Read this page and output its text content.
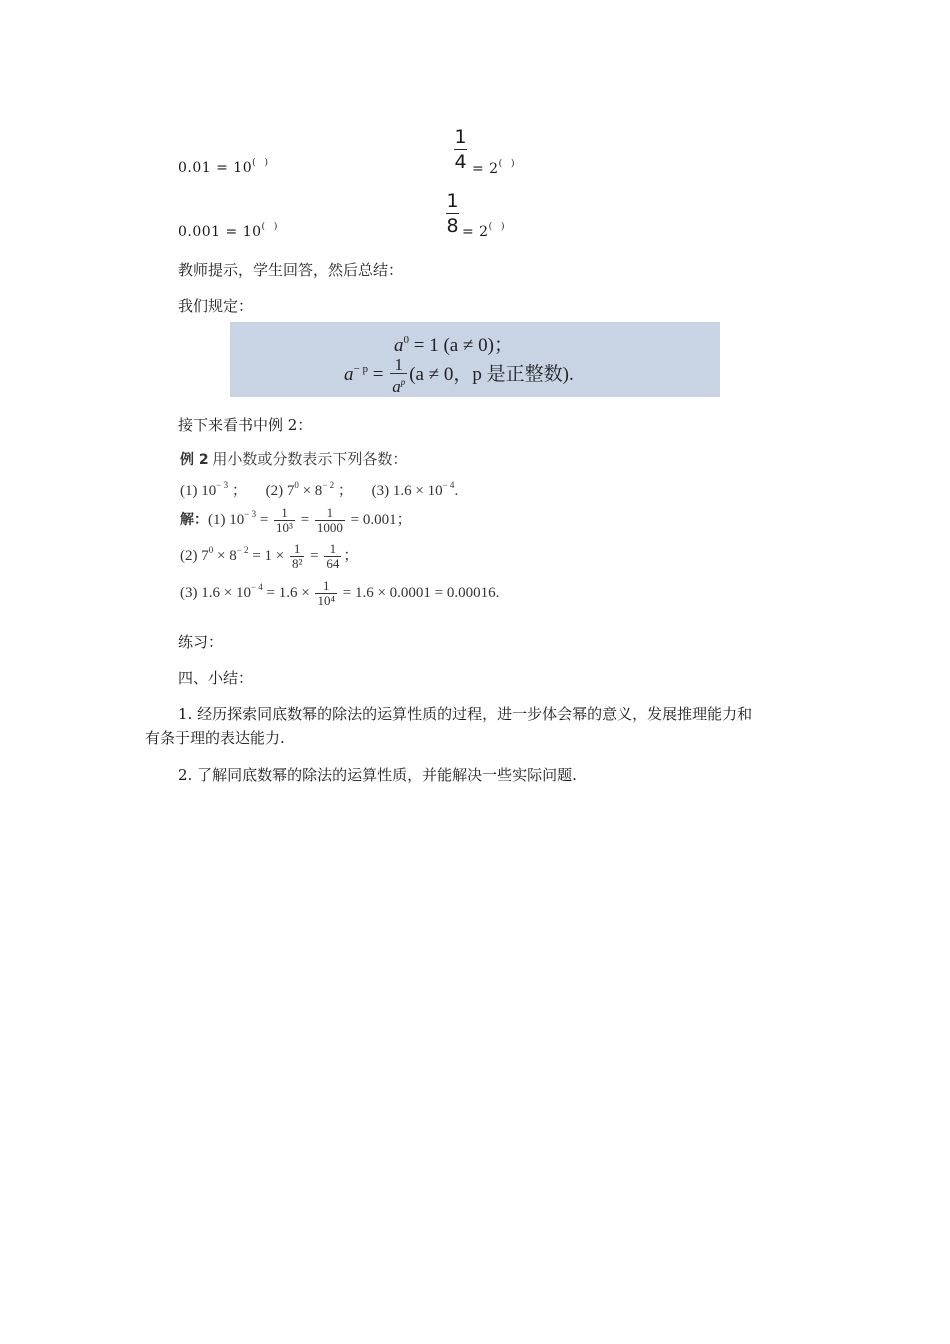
0.01 = 10( )	$\frac{1}{4} = 2^{( )}$
0.001 = 10( )	$\frac{1}{8} = 2^{( )}$
教师提示，学生回答，然后总结：
我们规定：
$a^0 = 1$ (a ≠ 0)；
$a^{- p} = \frac{1}{a^p} (a \ne 0$，p 是正整数).
接下来看书中例 2：
例 2 用小数或分数表示下列各数：
(1) $10^{- 3}$ ；     (2) $7^0 \times 8^{- 2}$ ；     (3) $1.6 \times 10^{- 4}$.
解：(1) $10^{- 3} = \frac{1}{\text{10³}} = \frac{1}{1000} = 0.001$；
(2) $7^0 \times 8^{- 2} = 1 \times \frac{1}{\text{8²}} = \frac{1}{64}$ ；
(3) $1.6 \times 10^{- 4} = 1.6 \times \frac{1}{\text{10⁴}} = 1.6 \times 0.0001 = 0.00016$.
练习：
四、小结：
1. 经历探索同底数幂的除法的运算性质的过程，进一步体会幂的意义，发展推理能力和
有条于理的表达能力.
2. 了解同底数幂的除法的运算性质，并能解决一些实际问题.
